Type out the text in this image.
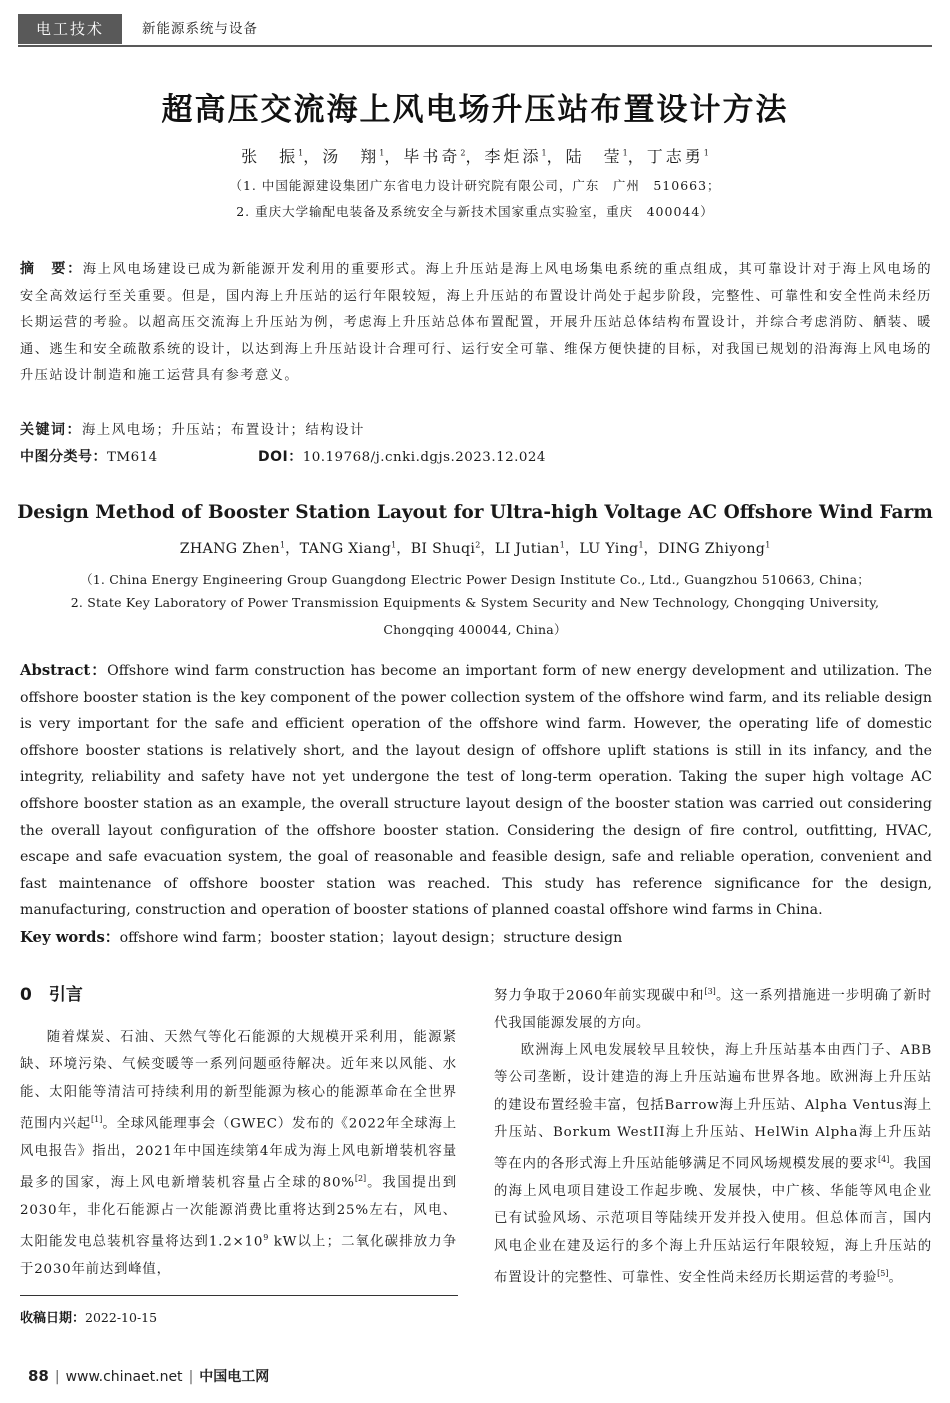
电工技术	新能源系统与设备
超高压交流海上风电场升压站布置设计方法
张　振$^1$，汤　翔$^1$，毕书奇$^2$，李炬添$^1$，陆　莹$^1$，丁志勇$^1$
（1. 中国能源建设集团广东省电力设计研究院有限公司，广东　广州　510663；
2. 重庆大学输配电装备及系统安全与新技术国家重点实验室，重庆　400044）
摘　要：海上风电场建设已成为新能源开发利用的重要形式。海上升压站是海上风电场集电系统的重点组成，其可靠设计对于海上风电场的安全高效运行至关重要。但是，国内海上升压站的运行年限较短，海上升压站的布置设计尚处于起步阶段，完整性、可靠性和安全性尚未经历长期运营的考验。以超高压交流海上升压站为例，考虑海上升压站总体布置配置，开展升压站总体结构布置设计，并综合考虑消防、舾装、暖通、逃生和安全疏散系统的设计，以达到海上升压站设计合理可行、运行安全可靠、维保方便快捷的目标，对我国已规划的沿海海上风电场的升压站设计制造和施工运营具有参考意义。
关键词：海上风电场；升压站；布置设计；结构设计
中图分类号：TM614	DOI：10.19768/j.cnki.dgjs.2023.12.024
Design Method of Booster Station Layout for Ultra-high Voltage AC Offshore Wind Farm
ZHANG Zhen$^1$，TANG Xiang$^1$，BI Shuqi$^2$，LI Jutian$^1$，LU Ying$^1$，DING Zhiyong$^1$
（1. China Energy Engineering Group Guangdong Electric Power Design Institute Co., Ltd., Guangzhou 510663, China；
2. State Key Laboratory of Power Transmission Equipments & System Security and New Technology, Chongqing University,
Chongqing 400044, China）
Abstract：Offshore wind farm construction has become an important form of new energy development and utilization. The offshore booster station is the key component of the power collection system of the offshore wind farm, and its reliable design is very important for the safe and efficient operation of the offshore wind farm. However, the operating life of domestic offshore booster stations is relatively short, and the layout design of offshore uplift stations is still in its infancy, and the integrity, reliability and safety have not yet undergone the test of long-term operation. Taking the super high voltage AC offshore booster station as an example, the overall structure layout design of the booster station was carried out considering the overall layout configuration of the offshore booster station. Considering the design of fire control, outfitting, HVAC, escape and safe evacuation system, the goal of reasonable and feasible design, safe and reliable operation, convenient and fast maintenance of offshore booster station was reached. This study has reference significance for the design, manufacturing, construction and operation of booster stations of planned coastal offshore wind farms in China.
Key words：offshore wind farm；booster station；layout design；structure design
0　引言

随着煤炭、石油、天然气等化石能源的大规模开采利用，能源紧缺、环境污染、气候变暖等一系列问题亟待解决。近年来以风能、水能、太阳能等清洁可持续利用的新型能源为核心的能源革命在全世界范围内兴起[1]。全球风能理事会（GWEC）发布的《2022年全球海上风电报告》指出，2021年中国连续第4年成为海上风电新增装机容量最多的国家，海上风电新增装机容量占全球的80%[2]。我国提出到2030年，非化石能源占一次能源消费比重将达到25%左右，风电、太阳能发电总装机容量将达到$1.2\times 10^9$ kW以上；二氧化碳排放力争于2030年前达到峰值，

努力争取于2060年前实现碳中和[3]。这一系列措施进一步明确了新时代我国能源发展的方向。

欧洲海上风电发展较早且较快，海上升压站基本由西门子、ABB等公司垄断，设计建造的海上升压站遍布世界各地。欧洲海上升压站的建设布置经验丰富，包括Barrow海上升压站、Alpha Ventus海上升压站、Borkum WestII海上升压站、HelWin Alpha海上升压站等在内的各形式海上升压站能够满足不同风场规模发展的要求[4]。我国的海上风电项目建设工作起步晚、发展快，中广核、华能等风电企业已有试验风场、示范项目等陆续开发并投入使用。但总体而言，国内风电企业在建及运行的多个海上升压站运行年限较短，海上升压站的布置设计的完整性、可靠性、安全性尚未经历长期运营的考验[5]。

收稿日期：2022-10-15
88 | www.chinaet.net | 中国电工网
